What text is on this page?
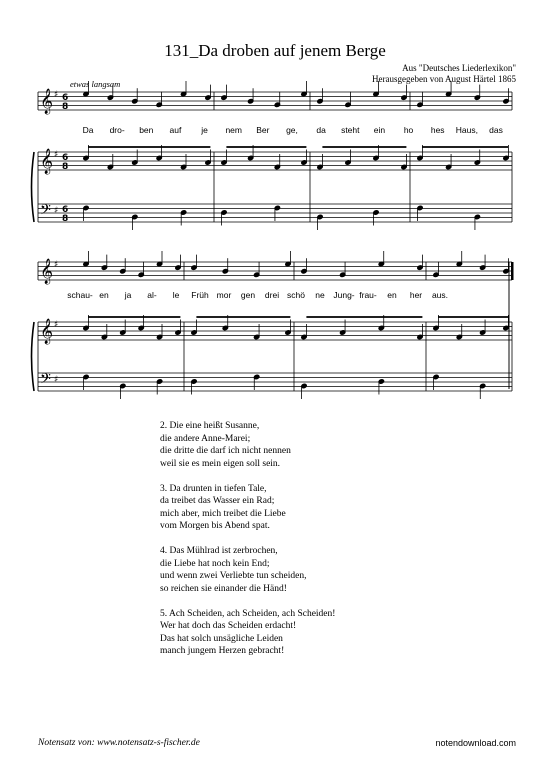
131_Da droben auf jenem Berge
Aus "Deutsches Liederlexikon"
Herausgegeben von August Härtel 1865
etwas langsam
𝄞
𝄞
𝄢
♯
♯
♯
𝄞
𝄞
𝄢
♯
♯
♯
6
8
6
8
6
8
Da dro- ben auf je nem Ber ge, da steht ein ho hes Haus, das
schau- en ja al- le Früh mor gen drei schö ne Jung- frau- en her aus.
2. Die eine heißt Susanne,
die andere Anne-Marei;
die dritte die darf ich nicht nennen
weil sie es mein eigen soll sein.
3. Da drunten in tiefen Tale,
da treibet das Wasser ein Rad;
mich aber, mich treibet die Liebe
vom Morgen bis Abend spat.
4. Das Mühlrad ist zerbrochen,
die Liebe hat noch kein End;
und wenn zwei Verliebte tun scheiden,
so reichen sie einander die Händ!
5. Ach Scheiden, ach Scheiden, ach Scheiden!
Wer hat doch das Scheiden erdacht!
Das hat solch unsägliche Leiden
manch jungem Herzen gebracht!
Notensatz von: www.notensatz-s-fischer.de	notendownload.com
